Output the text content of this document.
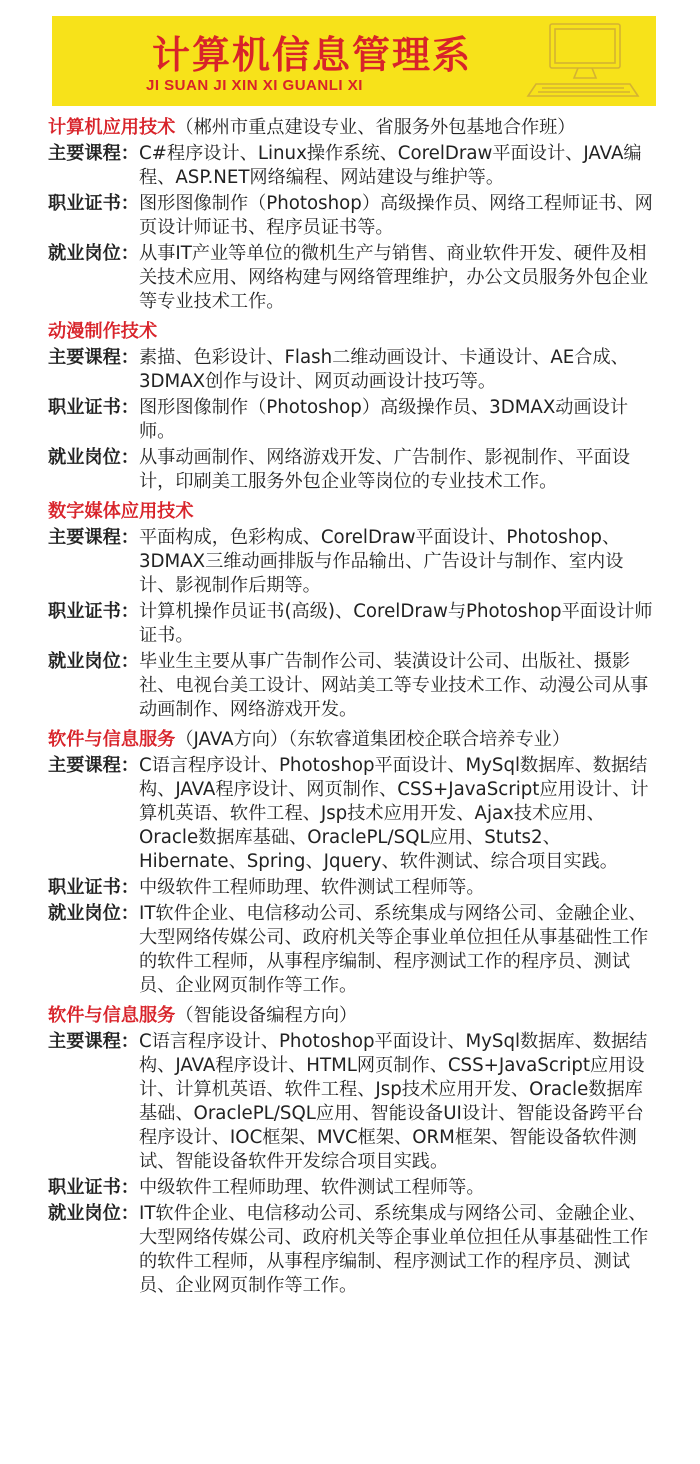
计算机信息管理系
JI SUAN JI XIN XI GUANLI XI
计算机应用技术（郴州市重点建设专业、省服务外包基地合作班）
主要课程： C#程序设计、Linux操作系统、CorelDraw平面设计、JAVA编程、ASP.NET网络编程、网站建设与维护等。
职业证书： 图形图像制作（Photoshop）高级操作员、网络工程师证书、网页设计师证书、程序员证书等。
就业岗位： 从事IT产业等单位的微机生产与销售、商业软件开发、硬件及相关技术应用、网络构建与网络管理维护，办公文员服务外包企业等专业技术工作。
动漫制作技术
主要课程： 素描、色彩设计、Flash二维动画设计、卡通设计、AE合成、3DMAX创作与设计、网页动画设计技巧等。
职业证书： 图形图像制作（Photoshop）高级操作员、3DMAX动画设计师。
就业岗位： 从事动画制作、网络游戏开发、广告制作、影视制作、平面设计，印刷美工服务外包企业等岗位的专业技术工作。
数字媒体应用技术
主要课程： 平面构成，色彩构成、CorelDraw平面设计、Photoshop、3DMAX三维动画排版与作品输出、广告设计与制作、室内设计、影视制作后期等。
职业证书： 计算机操作员证书(高级)、CorelDraw与Photoshop平面设计师证书。
就业岗位： 毕业生主要从事广告制作公司、装潢设计公司、出版社、摄影社、电视台美工设计、网站美工等专业技术工作、动漫公司从事动画制作、网络游戏开发。
软件与信息服务（JAVA方向）（东软睿道集团校企联合培养专业）
主要课程： C语言程序设计、Photoshop平面设计、MySql数据库、数据结构、JAVA程序设计、网页制作、CSS+JavaScript应用设计、计算机英语、软件工程、Jsp技术应用开发、Ajax技术应用、Oracle数据库基础、OraclePL/SQL应用、Stuts2、Hibernate、Spring、Jquery、软件测试、综合项目实践。
职业证书： 中级软件工程师助理、软件测试工程师等。
就业岗位： IT软件企业、电信移动公司、系统集成与网络公司、金融企业、大型网络传媒公司、政府机关等企事业单位担任从事基础性工作的软件工程师，从事程序编制、程序测试工作的程序员、测试员、企业网页制作等工作。
软件与信息服务（智能设备编程方向）
主要课程： C语言程序设计、Photoshop平面设计、MySql数据库、数据结构、JAVA程序设计、HTML网页制作、CSS+JavaScript应用设计、计算机英语、软件工程、Jsp技术应用开发、Oracle数据库基础、OraclePL/SQL应用、智能设备UI设计、智能设备跨平台程序设计、IOC框架、MVC框架、ORM框架、智能设备软件测试、智能设备软件开发综合项目实践。
职业证书： 中级软件工程师助理、软件测试工程师等。
就业岗位： IT软件企业、电信移动公司、系统集成与网络公司、金融企业、大型网络传媒公司、政府机关等企事业单位担任从事基础性工作的软件工程师，从事程序编制、程序测试工作的程序员、测试员、企业网页制作等工作。
